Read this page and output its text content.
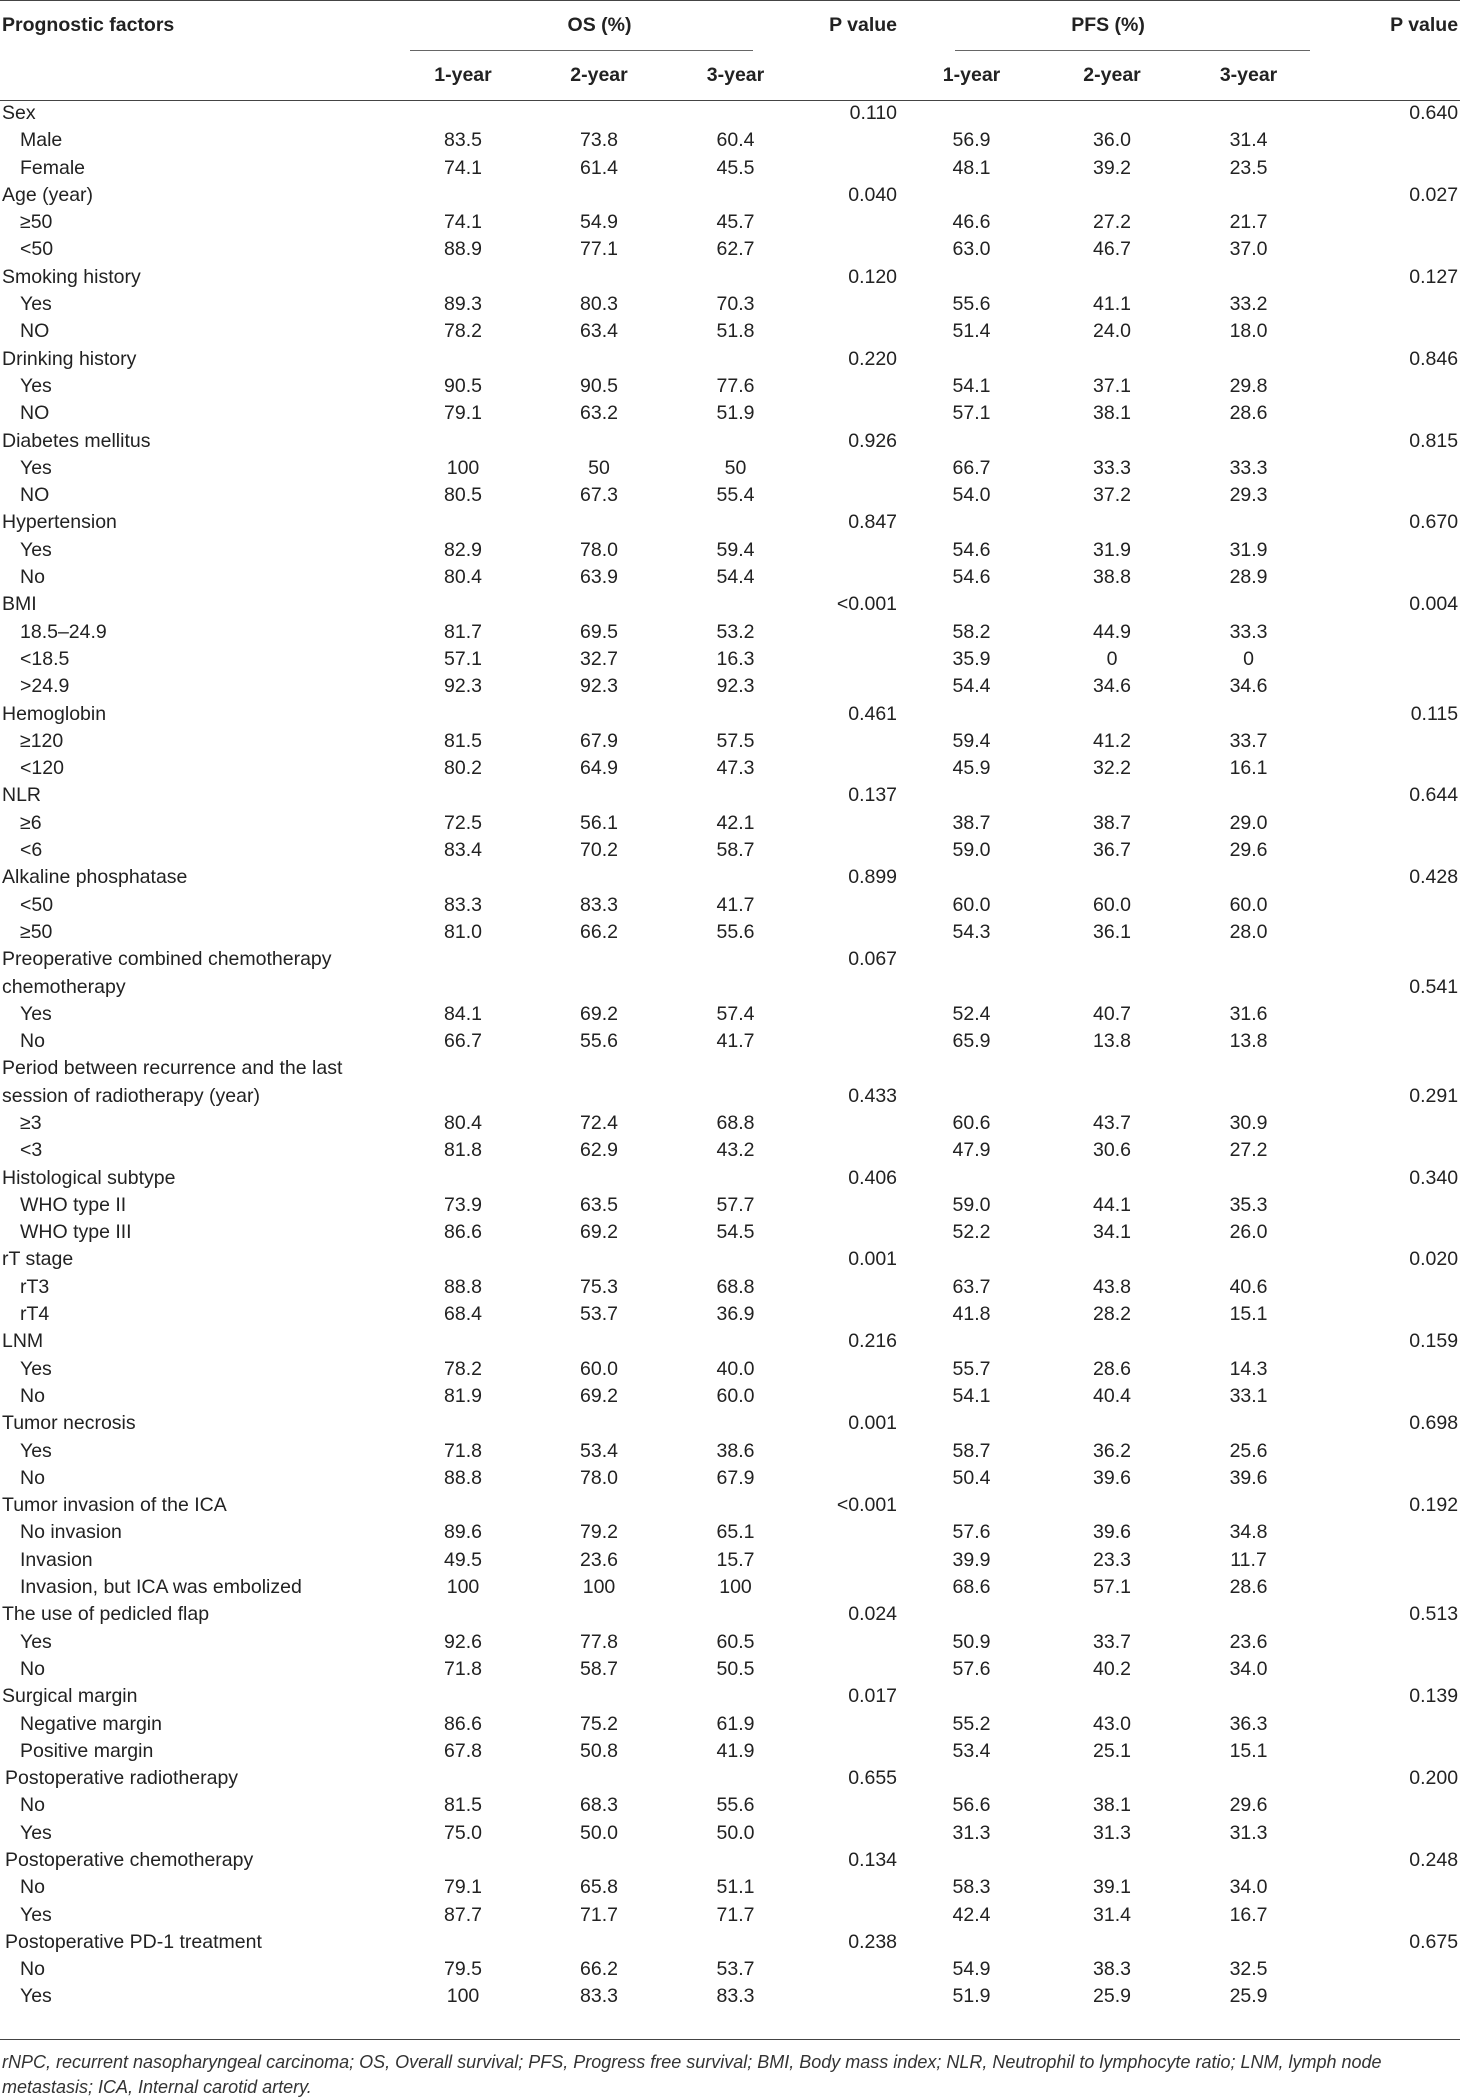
Prognostic factors	OS (%)			P value	PFS (%)			P value
	1-year	2-year	3-year		1-year	2-year	3-year	
Sex				0.110				0.640
Male	83.5	73.8	60.4		56.9	36.0	31.4	
Female	74.1	61.4	45.5		48.1	39.2	23.5	
Age (year)				0.040				0.027
≥50	74.1	54.9	45.7		46.6	27.2	21.7	
<50	88.9	77.1	62.7		63.0	46.7	37.0	
Smoking history				0.120				0.127
Yes	89.3	80.3	70.3		55.6	41.1	33.2	
NO	78.2	63.4	51.8		51.4	24.0	18.0	
Drinking history				0.220				0.846
Yes	90.5	90.5	77.6		54.1	37.1	29.8	
NO	79.1	63.2	51.9		57.1	38.1	28.6	
Diabetes mellitus				0.926				0.815
Yes	100	50	50		66.7	33.3	33.3	
NO	80.5	67.3	55.4		54.0	37.2	29.3	
Hypertension				0.847				0.670
Yes	82.9	78.0	59.4		54.6	31.9	31.9	
No	80.4	63.9	54.4		54.6	38.8	28.9	
BMI				<0.001				0.004
18.5–24.9	81.7	69.5	53.2		58.2	44.9	33.3	
<18.5	57.1	32.7	16.3		35.9	0	0	
>24.9	92.3	92.3	92.3		54.4	34.6	34.6	
Hemoglobin				0.461				0.115
≥120	81.5	67.9	57.5		59.4	41.2	33.7	
<120	80.2	64.9	47.3		45.9	32.2	16.1	
NLR				0.137				0.644
≥6	72.5	56.1	42.1		38.7	38.7	29.0	
<6	83.4	70.2	58.7		59.0	36.7	29.6	
Alkaline phosphatase				0.899				0.428
<50	83.3	83.3	41.7		60.0	60.0	60.0	
≥50	81.0	66.2	55.6		54.3	36.1	28.0	
Preoperative combined chemotherapy				0.067				
chemotherapy								0.541
Yes	84.1	69.2	57.4		52.4	40.7	31.6	
No	66.7	55.6	41.7		65.9	13.8	13.8	
Period between recurrence and the last								
session of radiotherapy (year)				0.433				0.291
≥3	80.4	72.4	68.8		60.6	43.7	30.9	
<3	81.8	62.9	43.2		47.9	30.6	27.2	
Histological subtype				0.406				0.340
WHO type II	73.9	63.5	57.7		59.0	44.1	35.3	
WHO type III	86.6	69.2	54.5		52.2	34.1	26.0	
rT stage				0.001				0.020
rT3	88.8	75.3	68.8		63.7	43.8	40.6	
rT4	68.4	53.7	36.9		41.8	28.2	15.1	
LNM				0.216				0.159
Yes	78.2	60.0	40.0		55.7	28.6	14.3	
No	81.9	69.2	60.0		54.1	40.4	33.1	
Tumor necrosis				0.001				0.698
Yes	71.8	53.4	38.6		58.7	36.2	25.6	
No	88.8	78.0	67.9		50.4	39.6	39.6	
Tumor invasion of the ICA				<0.001				0.192
No invasion	89.6	79.2	65.1		57.6	39.6	34.8	
Invasion	49.5	23.6	15.7		39.9	23.3	11.7	
Invasion, but ICA was embolized	100	100	100		68.6	57.1	28.6	
The use of pedicled flap				0.024				0.513
Yes	92.6	77.8	60.5		50.9	33.7	23.6	
No	71.8	58.7	50.5		57.6	40.2	34.0	
Surgical margin				0.017				0.139
Negative margin	86.6	75.2	61.9		55.2	43.0	36.3	
Positive margin	67.8	50.8	41.9		53.4	25.1	15.1	
Postoperative radiotherapy				0.655				0.200
No	81.5	68.3	55.6		56.6	38.1	29.6	
Yes	75.0	50.0	50.0		31.3	31.3	31.3	
Postoperative chemotherapy				0.134				0.248
No	79.1	65.8	51.1		58.3	39.1	34.0	
Yes	87.7	71.7	71.7		42.4	31.4	16.7	
Postoperative PD-1 treatment				0.238				0.675
No	79.5	66.2	53.7		54.9	38.3	32.5	
Yes	100	83.3	83.3		51.9	25.9	25.9	
rNPC, recurrent nasopharyngeal carcinoma; OS, Overall survival; PFS, Progress free survival; BMI, Body mass index; NLR, Neutrophil to lymphocyte ratio; LNM, lymph node metastasis; ICA, Internal carotid artery.
